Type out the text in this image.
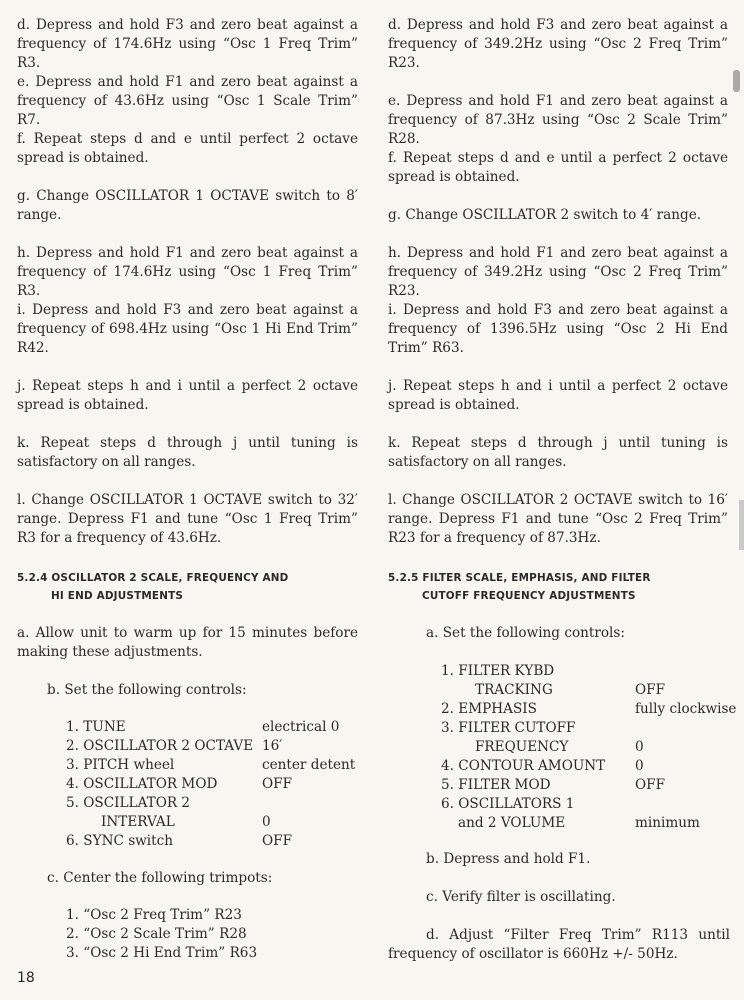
d. Depress and hold F3 and zero beat against a frequency of 174.6Hz using “Osc 1 Freq Trim” R3.

e. Depress and hold F1 and zero beat against a frequency of 43.6Hz using “Osc 1 Scale Trim” R7.

f. Repeat steps d and e until perfect 2 octave spread is obtained.

g. Change OSCILLATOR 1 OCTAVE switch to 8′ range.

h. Depress and hold F1 and zero beat against a frequency of 174.6Hz using “Osc 1 Freq Trim” R3.

i. Depress and hold F3 and zero beat against a frequency of 698.4Hz using “Osc 1 Hi End Trim” R42.

j. Repeat steps h and i until a perfect 2 octave spread is obtained.

k. Repeat steps d through j until tuning is satisfactory on all ranges.

l. Change OSCILLATOR 1 OCTAVE switch to 32′ range. Depress F1 and tune “Osc 1 Freq Trim” R3 for a frequency of 43.6Hz.

5.2.4 OSCILLATOR 2 SCALE, FREQUENCY AND
HI END ADJUSTMENTS

a. Allow unit to warm up for 15 minutes before making these adjustments.

b. Set the following controls:

1. TUNE	electrical 0
2. OSCILLATOR 2 OCTAVE 16′
3. PITCH wheel	center detent
4. OSCILLATOR MOD	OFF
5. OSCILLATOR 2
INTERVAL	0
6. SYNC switch	OFF

c. Center the following trimpots:

1. “Osc 2 Freq Trim” R23
2. “Osc 2 Scale Trim” R28
3. “Osc 2 Hi End Trim” R63

d. Depress and hold F3 and zero beat against a frequency of 349.2Hz using “Osc 2 Freq Trim” R23.

e. Depress and hold F1 and zero beat against a frequency of 87.3Hz using “Osc 2 Scale Trim” R28.

f. Repeat steps d and e until a perfect 2 octave spread is obtained.

g. Change OSCILLATOR 2 switch to 4′ range.

h. Depress and hold F1 and zero beat against a frequency of 349.2Hz using “Osc 2 Freq Trim” R23.

i. Depress and hold F3 and zero beat against a frequency of 1396.5Hz using “Osc 2 Hi End Trim” R63.

j. Repeat steps h and i until a perfect 2 octave spread is obtained.

k. Repeat steps d through j until tuning is satisfactory on all ranges.

l. Change OSCILLATOR 2 OCTAVE switch to 16′ range. Depress F1 and tune “Osc 2 Freq Trim” R23 for a frequency of 87.3Hz.

5.2.5 FILTER SCALE, EMPHASIS, AND FILTER
CUTOFF FREQUENCY ADJUSTMENTS

a. Set the following controls:

1. FILTER KYBD
TRACKING	OFF
2. EMPHASIS	fully clockwise
3. FILTER CUTOFF
FREQUENCY	0
4. CONTOUR AMOUNT 0
5. FILTER MOD	OFF
6. OSCILLATORS 1
and 2 VOLUME	minimum

b. Depress and hold F1.

c. Verify filter is oscillating.

d. Adjust “Filter Freq Trim” R113 until frequency of oscillator is 660Hz +/- 50Hz.

18
